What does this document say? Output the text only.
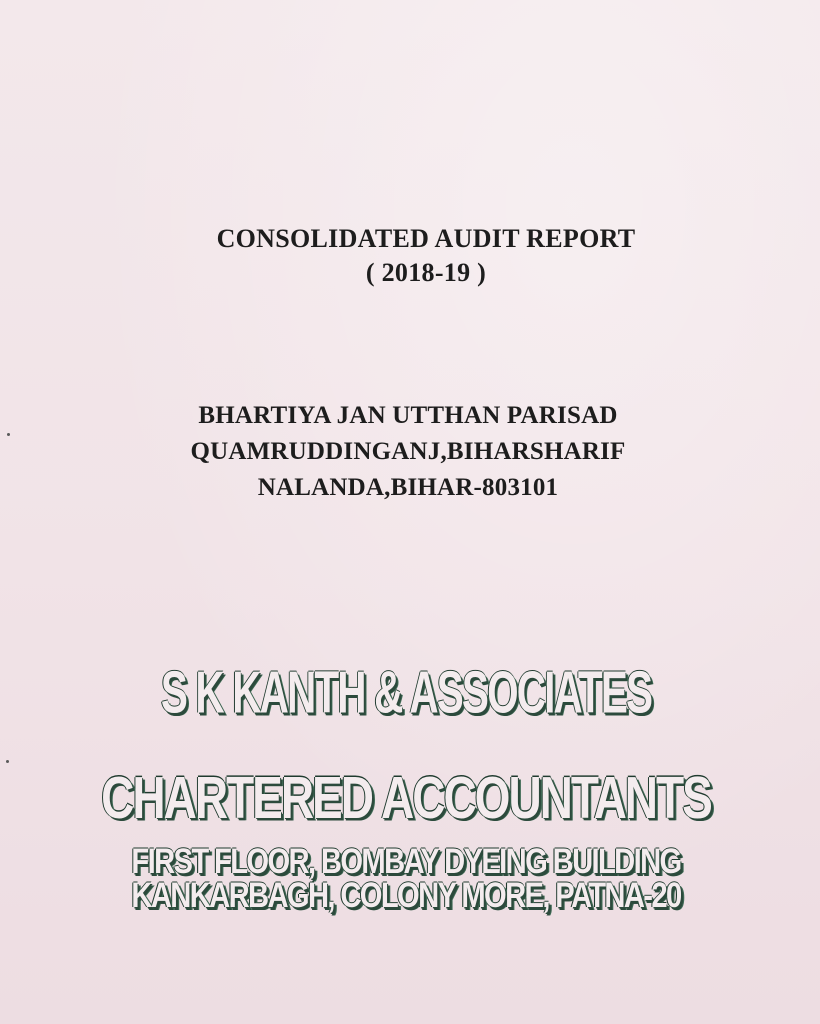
CONSOLIDATED AUDIT REPORT
( 2018-19 )
BHARTIYA JAN UTTHAN PARISAD
QUAMRUDDINGANJ,BIHARSHARIF
NALANDA,BIHAR-803101
S K KANTH & ASSOCIATES
CHARTERED ACCOUNTANTS
FIRST FLOOR, BOMBAY DYEING BUILDING
KANKARBAGH, COLONY MORE, PATNA-20
